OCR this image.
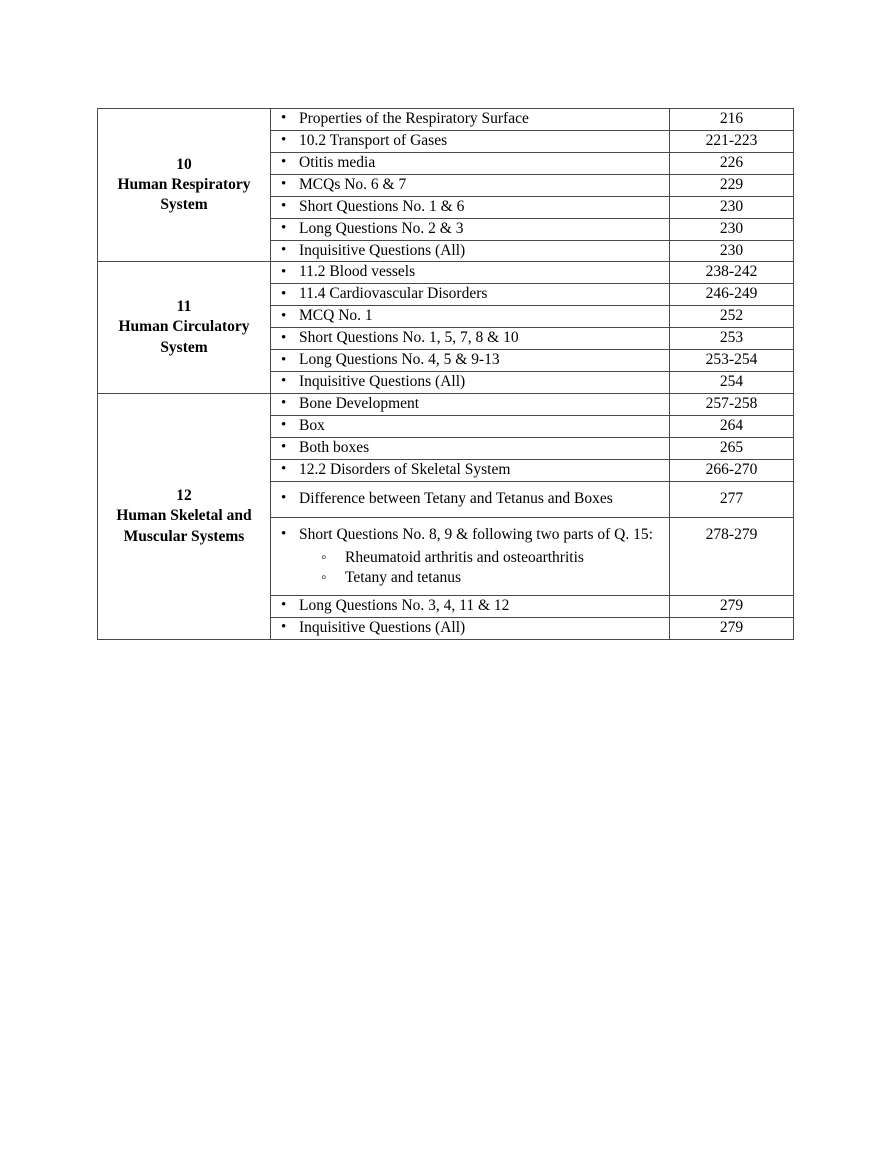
10
Human Respiratory
System

• Properties of the Respiratory Surface	216

• 10.2 Transport of Gases	221-223

• Otitis media	226

• MCQs No. 6 & 7	229

• Short Questions No. 1 & 6	230

• Long Questions No. 2 & 3	230

• Inquisitive Questions (All)	230

11
Human Circulatory
System

• 11.2 Blood vessels	238-242

• 11.4 Cardiovascular Disorders	246-249

• MCQ No. 1	252

• Short Questions No. 1, 5, 7, 8 & 10	253

• Long Questions No. 4, 5 & 9-13	253-254

• Inquisitive Questions (All)	254

12
Human Skeletal and
Muscular Systems

• Bone Development	257-258

• Box	264

• Both boxes	265

• 12.2 Disorders of Skeletal System	266-270

• Difference between Tetany and Tetanus and Boxes	277

• Short Questions No. 8, 9 & following two parts of Q. 15:
◦ Rheumatoid arthritis and osteoarthritis
◦ Tetany and tetanus
	278-279

• Long Questions No. 3, 4, 11 & 12	279

• Inquisitive Questions (All)	279
